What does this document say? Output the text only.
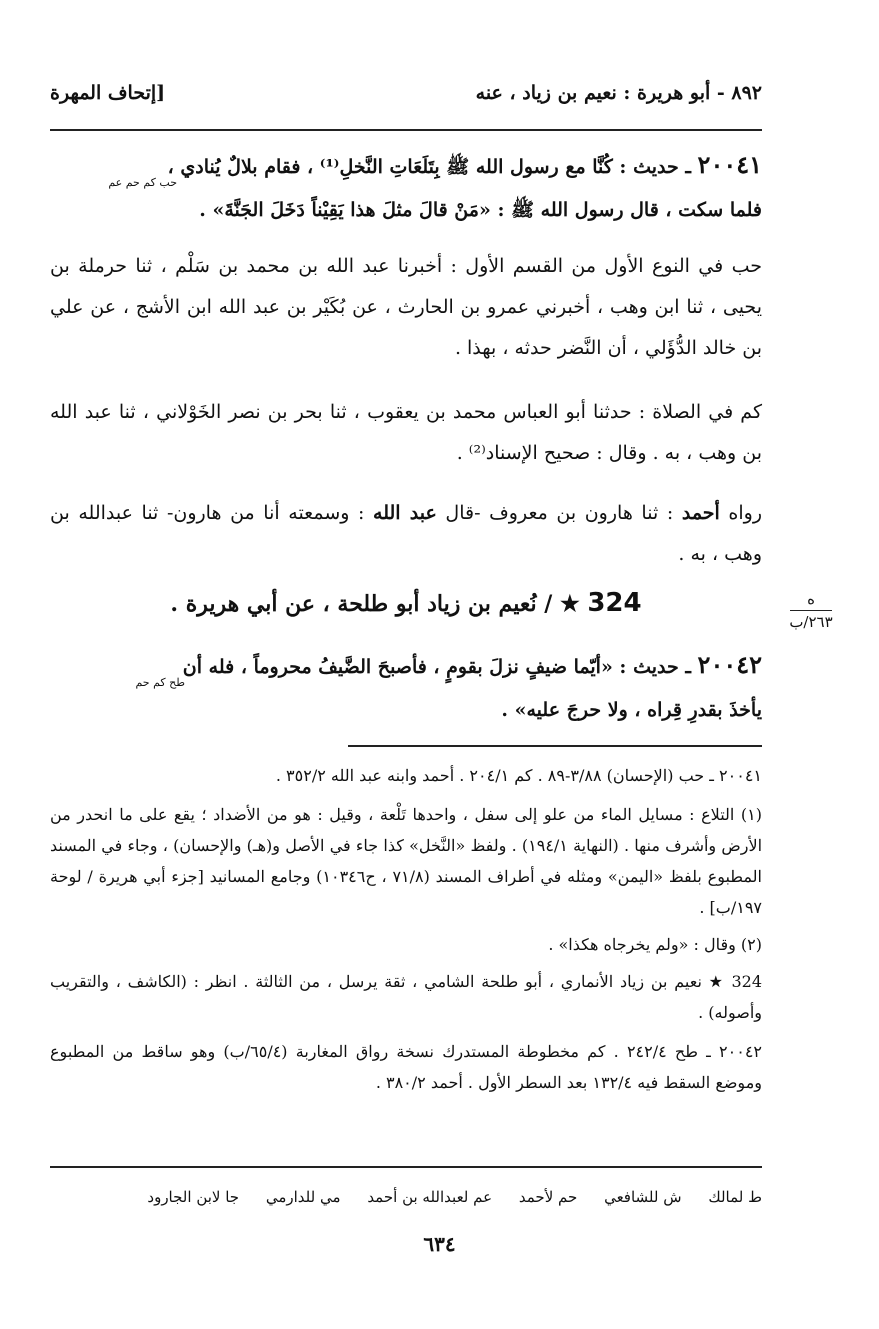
٨٩٢ - أبو هريرة : نعيم بن زياد ، عنه
[إتحاف المهرة

٢٠٠٤١ ـ حديث : كُنَّا مع رسول الله ﷺ بِتَلَعَاتِ النَّخلِ⁽¹⁾ ، فقام بلالٌ يُنادي ،

فلما سكت ، قال رسول الله ﷺ : «مَنْ قالَ مثلَ هذا يَقِيْناً دَخَلَ الجَنَّةَ» .

حب كم حم عم

حب في النوع الأول من القسم الأول : أخبرنا عبد الله بن محمد بن سَلْم ، ثنا حرملة بن يحيى ، ثنا ابن وهب ، أخبرني عمرو بن الحارث ، عن بُكَيْر بن عبد الله ابن الأشج ، عن علي بن خالد الدُّؤَلي ، أن النَّضر حدثه ، بهذا .

كم في الصلاة : حدثنا أبو العباس محمد بن يعقوب ، ثنا بحر بن نصر الخَوْلاني ، ثنا عبد الله بن وهب ، به . وقال : صحيح الإسناد⁽²⁾ .

رواه أحمد : ثنا هارون بن معروف -قال عبد الله : وسمعته أنا من هارون- ثنا عبدالله بن وهب ، به .

324 ★ / نُعيم بن زياد أبو طلحة ، عن أبي هريرة .	ه
٢٦٣/ب

٢٠٠٤٢ ـ حديث : «أيّما ضيفٍ نزلَ بقومٍ ، فأصبحَ الضَّيفُ محروماً ، فله أن

يأخذَ بقدرِ قِراه ، ولا حرجَ عليه» .

طح كم حم

٢٠٠٤١ ـ حب (الإحسان) ٣/٨٨-٨٩ . كم ٢٠٤/١ . أحمد وابنه عبد الله ٣٥٢/٢ .

(١) التلاع : مسايل الماء من علو إلى سفل ، واحدها تَلْعة ، وقيل : هو من الأضداد ؛ يقع على ما انحدر من الأرض وأشرف منها . (النهاية ١٩٤/١) . ولفظ «النَّخل» كذا جاء في الأصل و(هـ) والإحسان) ، وجاء في المسند المطبوع بلفظ «اليمن» ومثله في أطراف المسند (٧١/٨ ، ح١٠٣٤٦) وجامع المسانيد [جزء أبي هريرة / لوحة ١٩٧/ب] .

(٢) وقال : «ولم يخرجاه هكذا» .

324 ★ نعيم بن زياد الأنماري ، أبو طلحة الشامي ، ثقة يرسل ، من الثالثة . انظر : (الكاشف ، والتقريب وأصوله) .

٢٠٠٤٢ ـ طح ٢٤٢/٤ . كم مخطوطة المستدرك نسخة رواق المغاربة (٦٥/٤/ب) وهو ساقط من المطبوع وموضع السقط فيه ١٣٢/٤ بعد السطر الأول . أحمد ٣٨٠/٢ .

ط لمالك ش للشافعي حم لأحمد عم لعبدالله بن أحمد مي للدارمي جا لابن الجارود
٦٣٤
